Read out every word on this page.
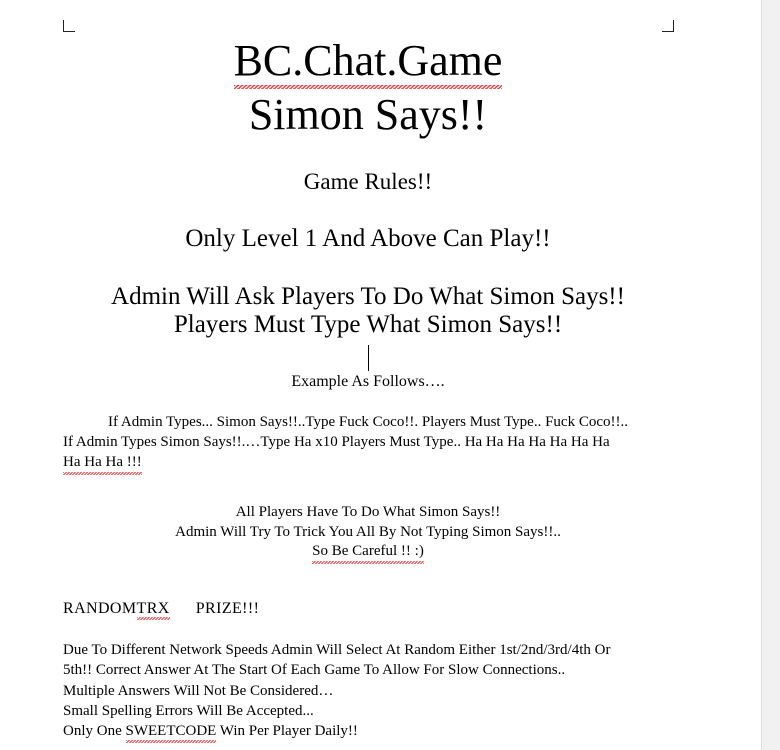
BC.Chat.Game
Simon Says!!
Game Rules!!
Only Level 1 And Above Can Play!!
Admin Will Ask Players To Do What Simon Says!!
Players Must Type What Simon Says!!
Example As Follows….
If Admin Types... Simon Says!!..Type Fuck Coco!!. Players Must Type.. Fuck Coco!!..
If Admin Types Simon Says!!.…Type Ha x10 Players Must Type.. Ha Ha Ha Ha Ha Ha Ha
Ha Ha Ha !!!
All Players Have To Do What Simon Says!!
Admin Will Try To Trick You All By Not Typing Simon Says!!..
So Be Careful !! :)
RANDOMTRX PRIZE!!!
Due To Different Network Speeds Admin Will Select At Random Either 1st/2nd/3rd/4th Or
5th!! Correct Answer At The Start Of Each Game To Allow For Slow Connections..
Multiple Answers Will Not Be Considered…
Small Spelling Errors Will Be Accepted...
Only One SWEETCODE Win Per Player Daily!!
